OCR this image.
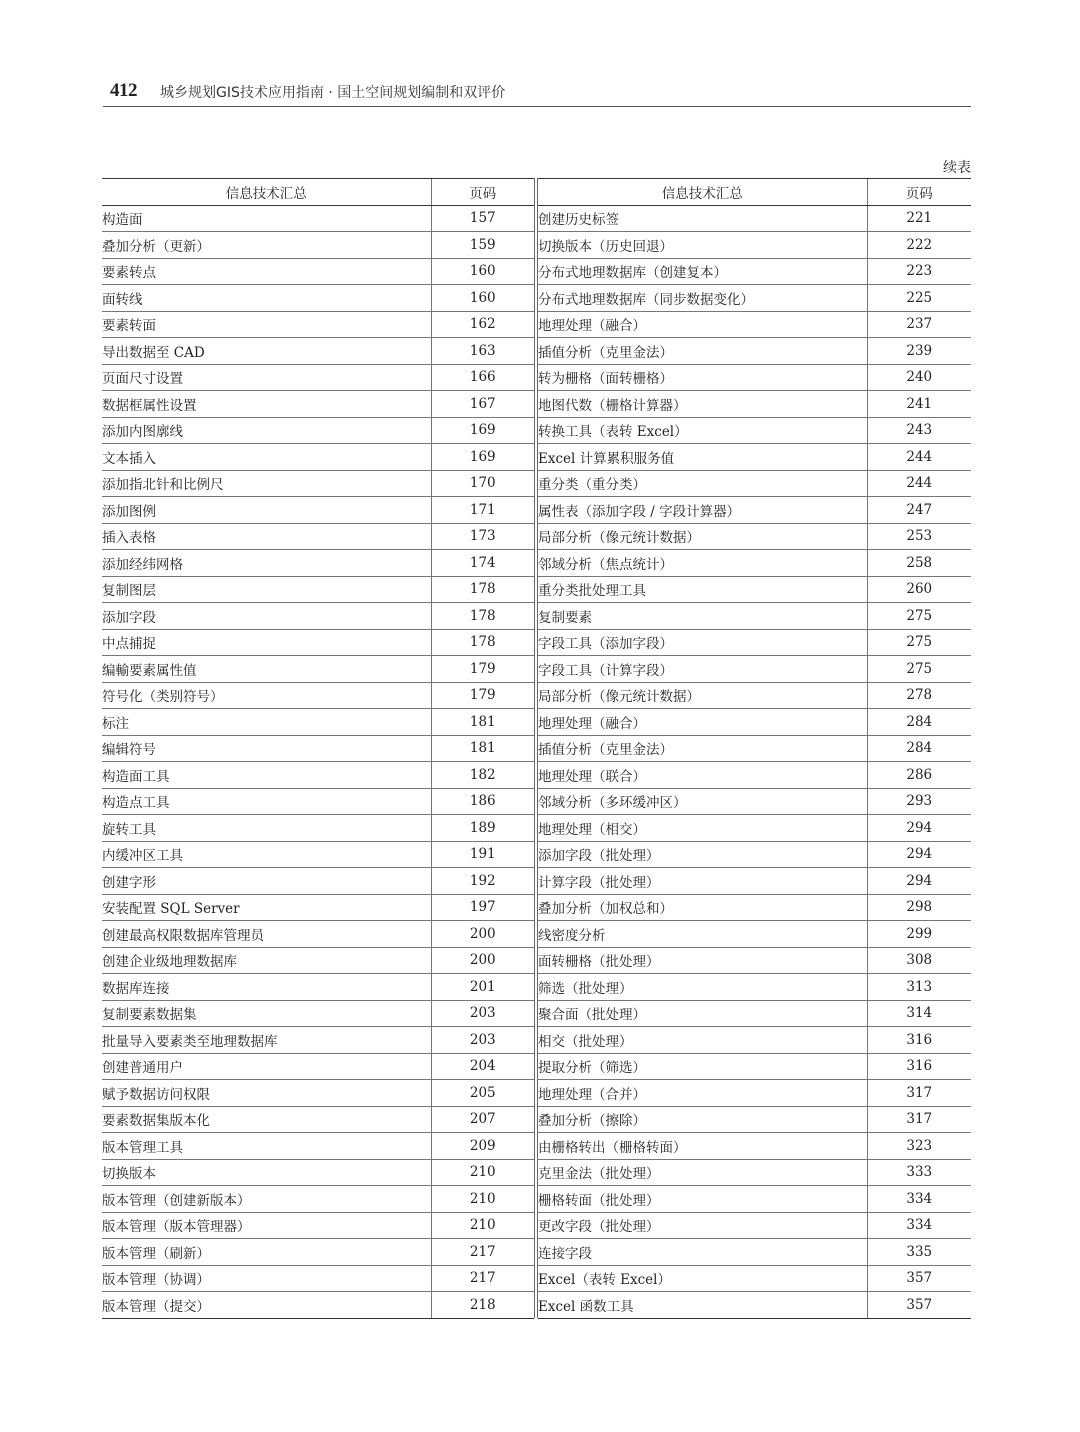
412 城乡规划GIS技术应用指南 · 国土空间规划编制和双评价
续表
信息技术汇总	页码
构造面	157
叠加分析（更新）	159
要素转点	160
面转线	160
要素转面	162
导出数据至 CAD	163
页面尺寸设置	166
数据框属性设置	167
添加内图廓线	169
文本插入	169
添加指北针和比例尺	170
添加图例	171
插入表格	173
添加经纬网格	174
复制图层	178
添加字段	178
中点捕捉	178
编輸要素属性值	179
符号化（类别符号）	179
标注	181
编辑符号	181
构造面工具	182
构造点工具	186
旋转工具	189
内缓冲区工具	191
创建字形	192
安装配置 SQL Server	197
创建最高权限数据库管理员	200
创建企业级地理数据库	200
数据库连接	201
复制要素数据集	203
批量导入要素类至地理数据库	203
创建普通用户	204
赋予数据访问权限	205
要素数据集版本化	207
版本管理工具	209
切换版本	210
版本管理（创建新版本）	210
版本管理（版本管理器）	210
版本管理（刷新）	217
版本管理（协调）	217
版本管理（提交）	218
信息技术汇总	页码
创建历史标签	221
切换版本（历史回退）	222
分布式地理数据库（创建复本）	223
分布式地理数据库（同步数据变化）	225
地理处理（融合）	237
插值分析（克里金法）	239
转为栅格（面转栅格）	240
地图代数（栅格计算器）	241
转换工具（表转 Excel）	243
Excel 计算累积服务值	244
重分类（重分类）	244
属性表（添加字段 / 字段计算器）	247
局部分析（像元统计数据）	253
邻域分析（焦点统计）	258
重分类批处理工具	260
复制要素	275
字段工具（添加字段）	275
字段工具（计算字段）	275
局部分析（像元统计数据）	278
地理处理（融合）	284
插值分析（克里金法）	284
地理处理（联合）	286
邻域分析（多环缓冲区）	293
地理处理（相交）	294
添加字段（批处理）	294
计算字段（批处理）	294
叠加分析（加权总和）	298
线密度分析	299
面转栅格（批处理）	308
筛选（批处理）	313
聚合面（批处理）	314
相交（批处理）	316
提取分析（筛选）	316
地理处理（合并）	317
叠加分析（擦除）	317
由栅格转出（栅格转面）	323
克里金法（批处理）	333
栅格转面（批处理）	334
更改字段（批处理）	334
连接字段	335
Excel（表转 Excel）	357
Excel 函数工具	357
